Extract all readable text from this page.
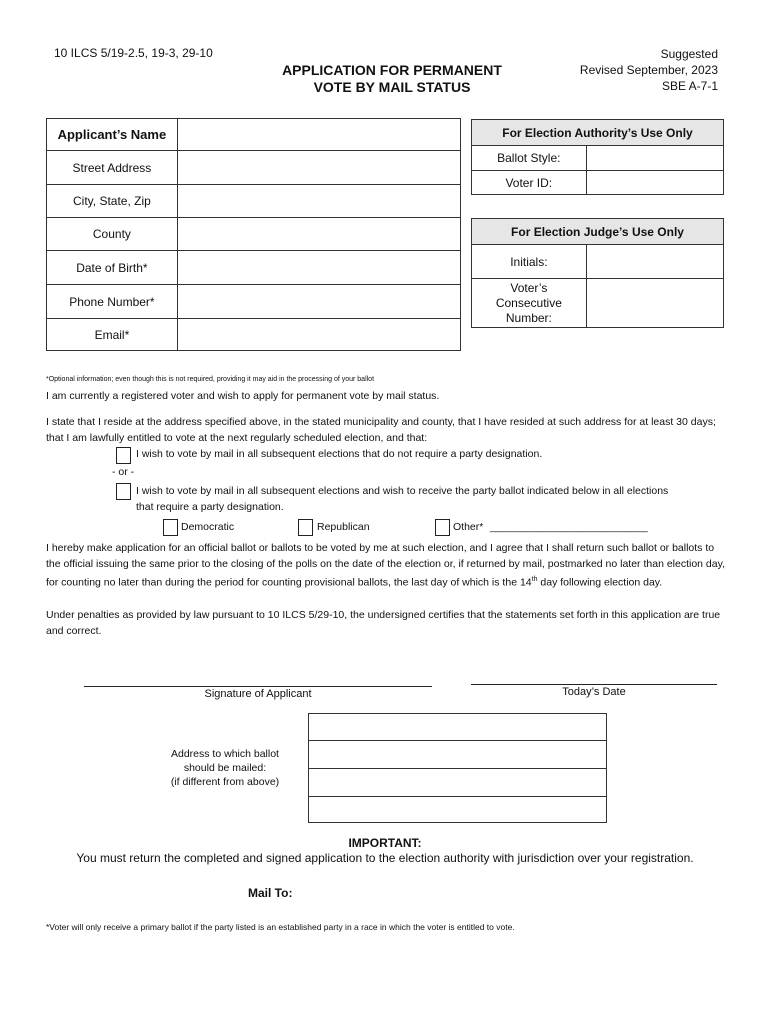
10 ILCS 5/19-2.5, 19-3, 29-10
APPLICATION FOR PERMANENT
VOTE BY MAIL STATUS
Suggested
Revised September, 2023
SBE A-7-1
Applicant’s Name	
Street Address	
City, State, Zip	
County	
Date of Birth*	
Phone Number*	
Email*	
For Election Authority’s Use Only	
Ballot Style:	
Voter ID:	
For Election Judge’s Use Only	
Initials:	

Voter’s
Consecutive
Number:	

*Optional information; even though this is not required, providing it may aid in the processing of your ballot
I am currently a registered voter and wish to apply for permanent vote by mail status.
I state that I reside at the address specified above, in the stated municipality and county, that I have resided at such address for at least 30 days; that I am lawfully entitled to vote at the next regularly scheduled election, and that:
I wish to vote by mail in all subsequent elections that do not require a party designation.
- or -
I wish to vote by mail in all subsequent elections and wish to receive the party ballot indicated below in all elections
that require a party designation.
Democratic	Republican	Other* ___________________________
I hereby make application for an official ballot or ballots to be voted by me at such election, and I agree that I shall return such ballot or ballots to the official issuing the same prior to the closing of the polls on the date of the election or, if returned by mail, postmarked no later than election day, for counting no later than during the period for counting provisional ballots, the last day of which is the 14th day following election day.
Under penalties as provided by law pursuant to 10 ILCS 5/29-10, the undersigned certifies that the statements set forth in this application are true and correct.
Signature of Applicant	Today’s Date
Address to which ballot
should be mailed:
(if different from above)

IMPORTANT:
You must return the completed and signed application to the election authority with jurisdiction over your registration.
Mail To:
*Voter will only receive a primary ballot if the party listed is an established party in a race in which the voter is entitled to vote.
